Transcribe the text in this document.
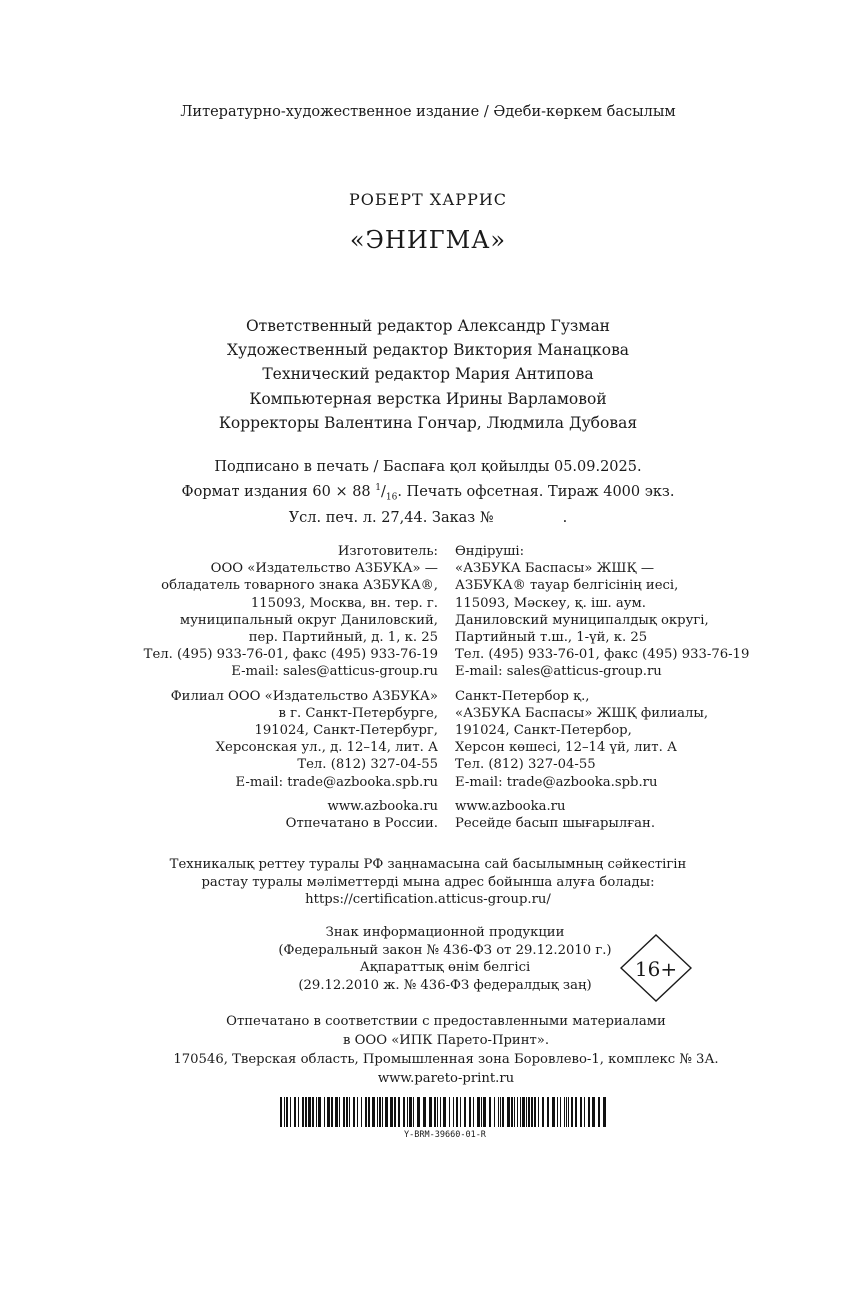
Литературно-художественное издание / Әдеби-көркем басылым
РОБЕРТ ХАРРИС
«ЭНИГМА»
Ответственный редактор Александр Гузман
Художественный редактор Виктория Манацкова
Технический редактор Мария Антипова
Компьютерная верстка Ирины Варламовой
Корректоры Валентина Гончар, Людмила Дубовая
Подписано в печать / Баспаға қол қойылды 05.09.2025.
Формат издания 60 × 88 $^1/_{16}$. Печать офсетная. Тираж 4000 экз.
Усл. печ. л. 27,44. Заказ №               .
Изготовитель:
ООО «Издательство АЗБУКА» —
обладатель товарного знака АЗБУКА®,
115093, Москва, вн. тер. г.
муниципальный округ Даниловский,
пер. Партийный, д. 1, к. 25
Тел. (495) 933-76-01, факс (495) 933-76-19
E-mail: sales@atticus-group.ru
Филиал ООО «Издательство АЗБУКА»
в г. Санкт-Петербурге,
191024, Санкт-Петербург,
Херсонская ул., д. 12–14, лит. А
Тел. (812) 327-04-55
E-mail: trade@azbooka.spb.ru
www.azbooka.ru
Отпечатано в России.
Өндіруші:
«АЗБУКА Баспасы» ЖШҚ —
АЗБУКА® тауар белгісінің иесі,
115093, Мәскеу, қ. іш. аум.
Даниловский муниципалдық округі,
Партийный т.ш., 1-үй, к. 25
Тел. (495) 933-76-01, факс (495) 933-76-19
E-mail: sales@atticus-group.ru
Санкт-Петербор қ.,
«АЗБУКА Баспасы» ЖШҚ филиалы,
191024, Санкт-Петербор,
Херсон көшесі, 12–14 үй, лит. А
Тел. (812) 327-04-55
E-mail: trade@azbooka.spb.ru
www.azbooka.ru
Ресейде басып шығарылған.
Техникалық реттеу туралы РФ заңнамасына сай басылымның сәйкестігін
растау туралы мәліметтерді мына адрес бойынша алуға болады:
https://certification.atticus-group.ru/
Знак информационной продукции
(Федеральный закон № 436-ФЗ от 29.12.2010 г.)
Ақпараттық өнім белгісі
(29.12.2010 ж. № 436-ФЗ федералдық заң)
16+
Отпечатано в соответствии с предоставленными материалами
в ООО «ИПК Парето-Принт».
170546, Тверская область, Промышленная зона Боровлево-1, комплекс № 3А.
www.pareto-print.ru
Y-BRM-39660-01-R
